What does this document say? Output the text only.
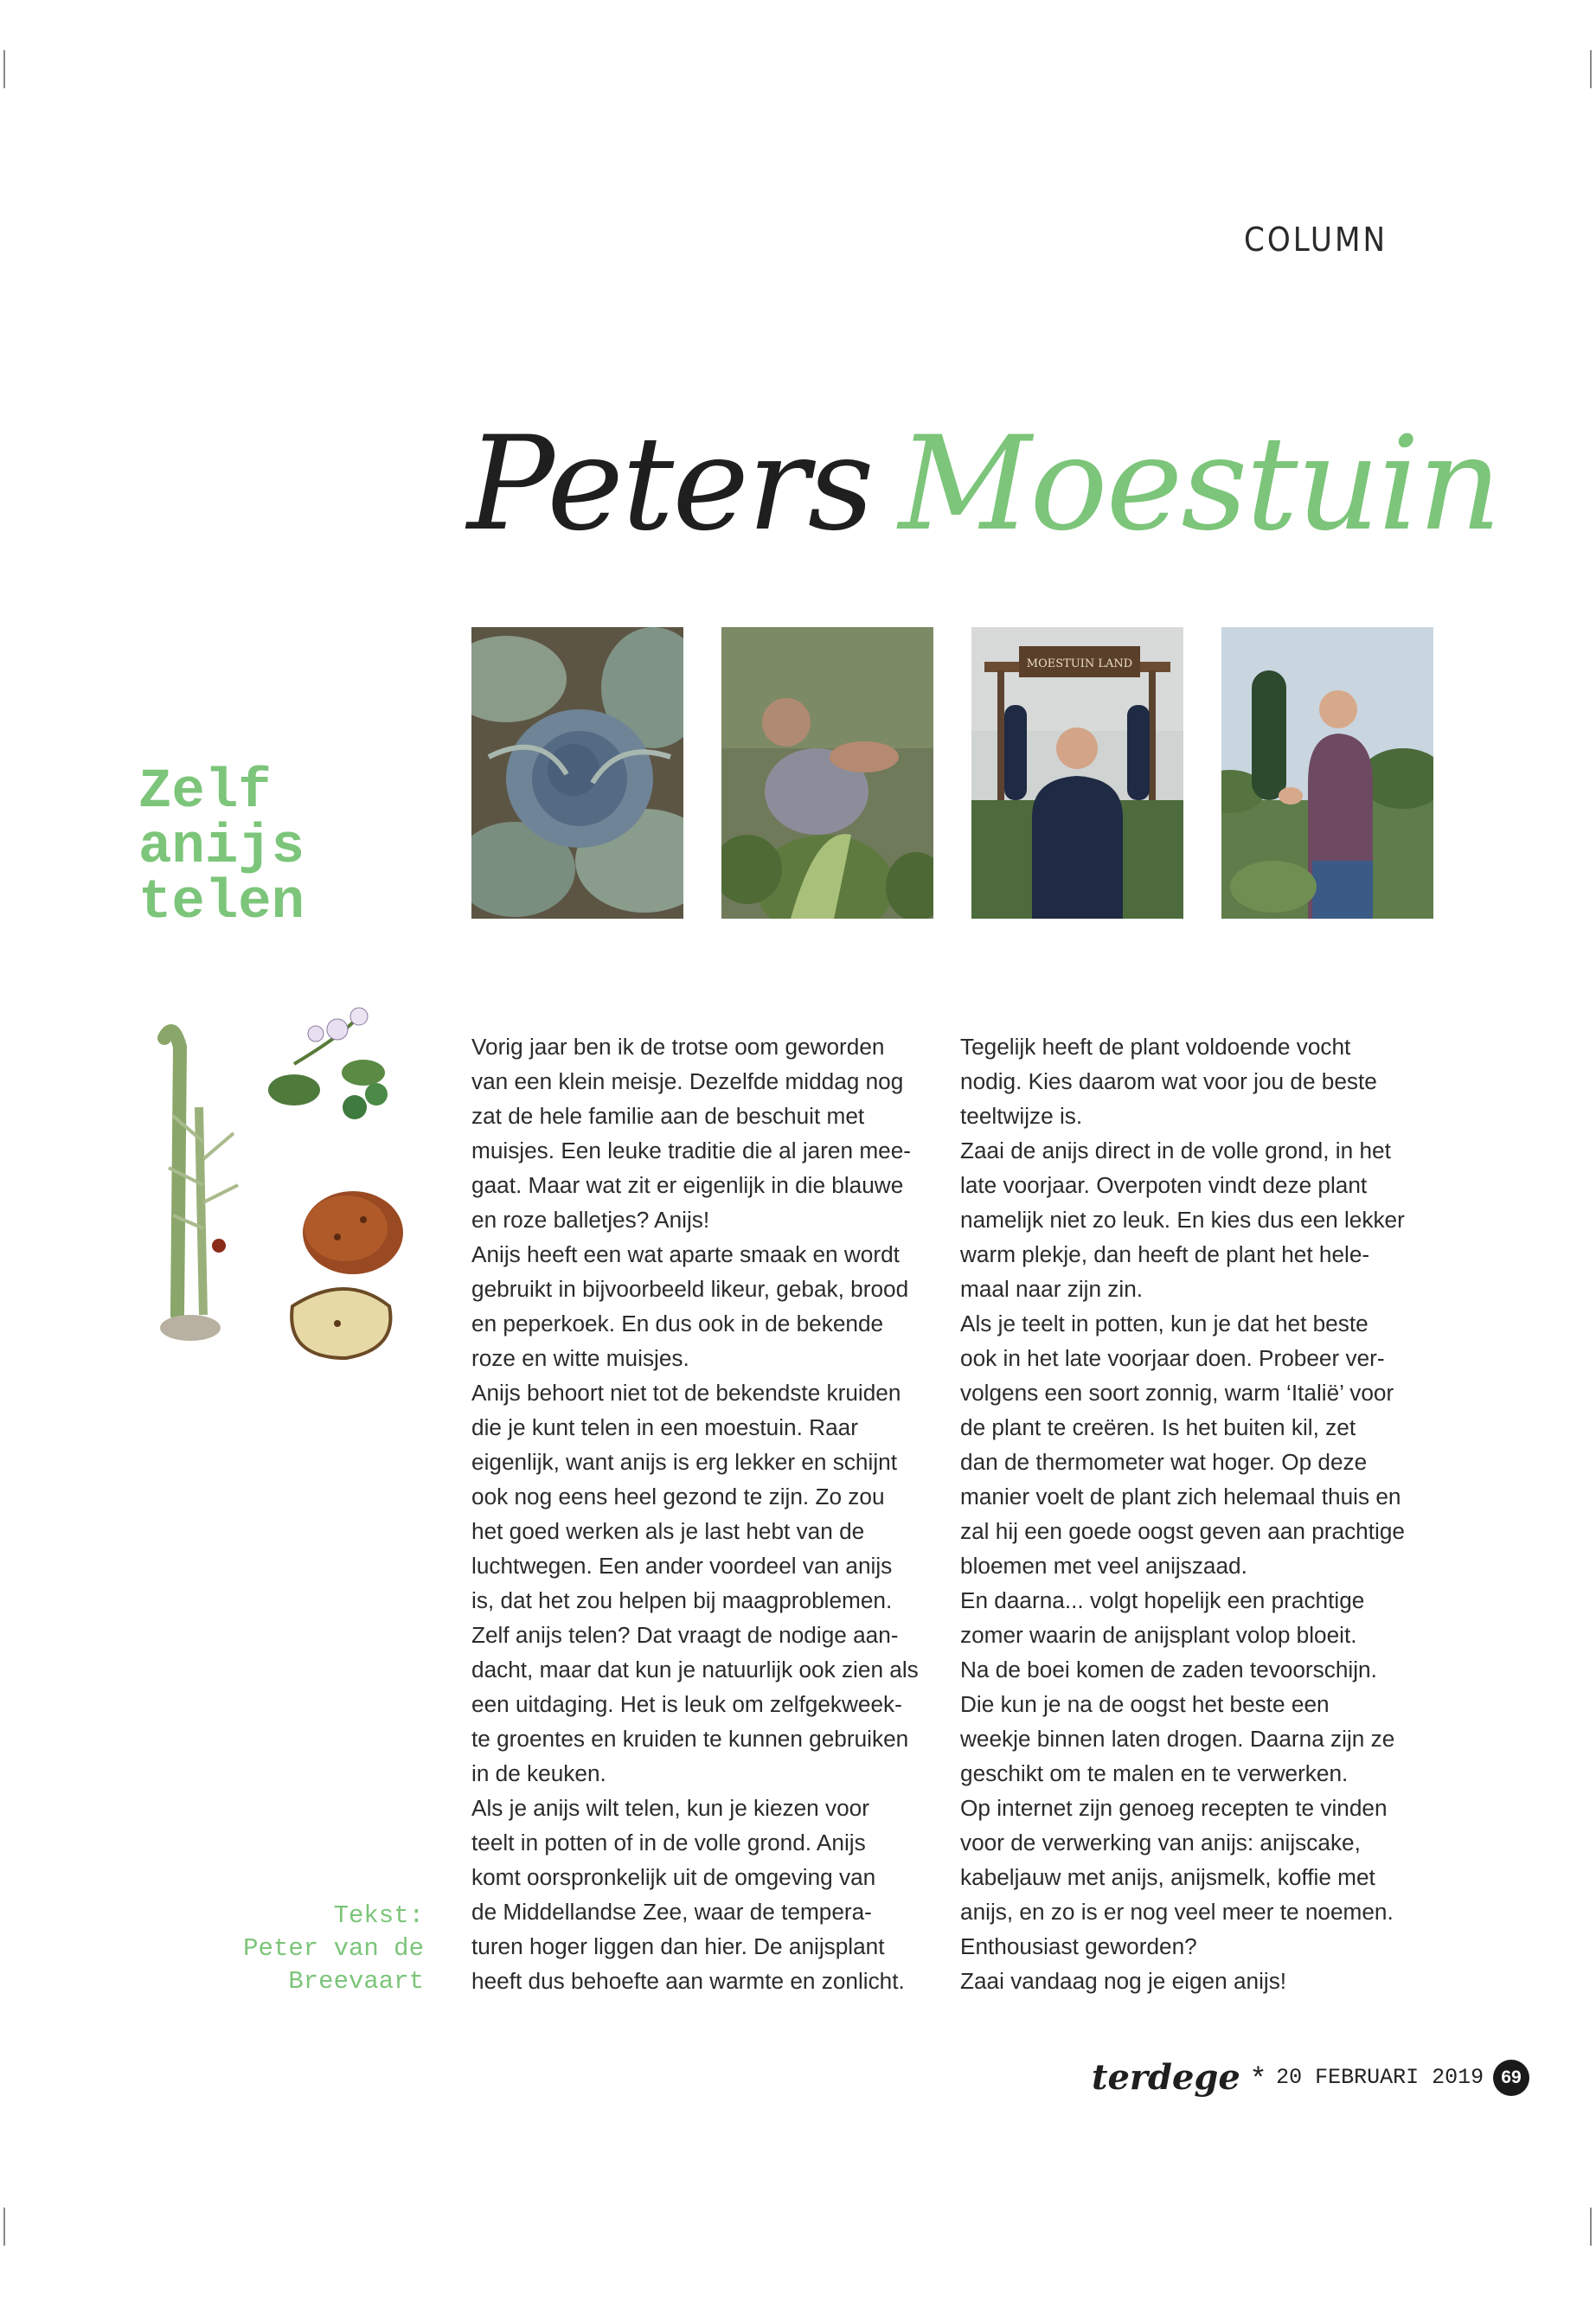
COLUMN
Peters Moestuin
MOESTUIN LAND
Zelf
anijs
telen
Vorig jaar ben ik de trotse oom geworden
van een klein meisje. Dezelfde middag nog
zat de hele familie aan de beschuit met
muisjes. Een leuke traditie die al jaren mee-
gaat. Maar wat zit er eigenlijk in die blauwe
en roze balletjes? Anijs!
Anijs heeft een wat aparte smaak en wordt
gebruikt in bijvoorbeeld likeur, gebak, brood
en peperkoek. En dus ook in de bekende
roze en witte muisjes.
Anijs behoort niet tot de bekendste kruiden
die je kunt telen in een moestuin. Raar
eigenlijk, want anijs is erg lekker en schijnt
ook nog eens heel gezond te zijn. Zo zou
het goed werken als je last hebt van de
luchtwegen. Een ander voordeel van anijs
is, dat het zou helpen bij maagproblemen.
Zelf anijs telen? Dat vraagt de nodige aan-
dacht, maar dat kun je natuurlijk ook zien als
een uitdaging. Het is leuk om zelfgekweek-
te groentes en kruiden te kunnen gebruiken
in de keuken.
Als je anijs wilt telen, kun je kiezen voor
teelt in potten of in de volle grond. Anijs
komt oorspronkelijk uit de omgeving van
de Middellandse Zee, waar de tempera-
turen hoger liggen dan hier. De anijsplant
heeft dus behoefte aan warmte en zonlicht.
Tegelijk heeft de plant voldoende vocht
nodig. Kies daarom wat voor jou de beste
teeltwijze is.
Zaai de anijs direct in de volle grond, in het
late voorjaar. Overpoten vindt deze plant
namelijk niet zo leuk. En kies dus een lekker
warm plekje, dan heeft de plant het hele-
maal naar zijn zin.
Als je teelt in potten, kun je dat het beste
ook in het late voorjaar doen. Probeer ver-
volgens een soort zonnig, warm ‘Italië’ voor
de plant te creëren. Is het buiten kil, zet
dan de thermometer wat hoger. Op deze
manier voelt de plant zich helemaal thuis en
zal hij een goede oogst geven aan prachtige
bloemen met veel anijszaad.
En daarna... volgt hopelijk een prachtige
zomer waarin de anijsplant volop bloeit.
Na de boei komen de zaden tevoorschijn.
Die kun je na de oogst het beste een
weekje binnen laten drogen. Daarna zijn ze
geschikt om te malen en te verwerken.
Op internet zijn genoeg recepten te vinden
voor de verwerking van anijs: anijscake,
kabeljauw met anijs, anijsmelk, koffie met
anijs, en zo is er nog veel meer te noemen.
Enthousiast geworden?
Zaai vandaag nog je eigen anijs!
Tekst:
Peter van de
Breevaart
terdege * 20 FEBRUARI 2019 69
